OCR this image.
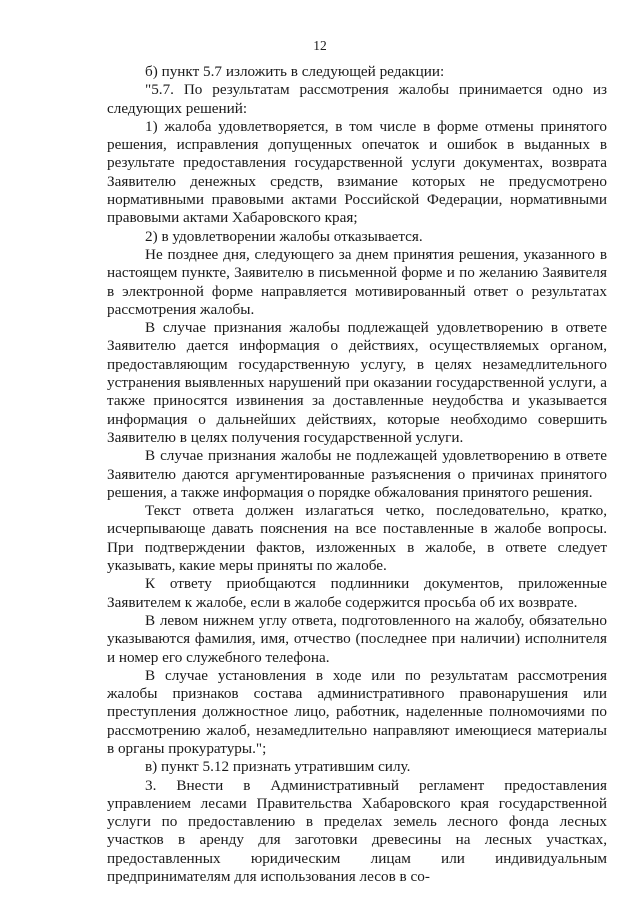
12

б) пункт 5.7 изложить в следующей редакции:

"5.7. По результатам рассмотрения жалобы принимается одно из следующих решений:

1) жалоба удовлетворяется, в том числе в форме отмены принятого решения, исправления допущенных опечаток и ошибок в выданных в результате предоставления государственной услуги документах, возврата Заявителю денежных средств, взимание которых не предусмотрено нормативными правовыми актами Российской Федерации, нормативными правовыми актами Хабаровского края;

2) в удовлетворении жалобы отказывается.

Не позднее дня, следующего за днем принятия решения, указанного в настоящем пункте, Заявителю в письменной форме и по желанию Заявителя в электронной форме направляется мотивированный ответ о результатах рассмотрения жалобы.

В случае признания жалобы подлежащей удовлетворению в ответе Заявителю дается информация о действиях, осуществляемых органом, предоставляющим государственную услугу, в целях незамедлительного устранения выявленных нарушений при оказании государственной услуги, а также приносятся извинения за доставленные неудобства и указывается информация о дальнейших действиях, которые необходимо совершить Заявителю в целях получения государственной услуги.

В случае признания жалобы не подлежащей удовлетворению в ответе Заявителю даются аргументированные разъяснения о причинах принятого решения, а также информация о порядке обжалования принятого решения.

Текст ответа должен излагаться четко, последовательно, кратко, исчерпывающе давать пояснения на все поставленные в жалобе вопросы. При подтверждении фактов, изложенных в жалобе, в ответе следует указывать, какие меры приняты по жалобе.

К ответу приобщаются подлинники документов, приложенные Заявителем к жалобе, если в жалобе содержится просьба об их возврате.

В левом нижнем углу ответа, подготовленного на жалобу, обязательно указываются фамилия, имя, отчество (последнее при наличии) исполнителя и номер его служебного телефона.

В случае установления в ходе или по результатам рассмотрения жалобы признаков состава административного правонарушения или преступления должностное лицо, работник, наделенные полномочиями по рассмотрению жалоб, незамедлительно направляют имеющиеся материалы в органы прокуратуры.";

в) пункт 5.12 признать утратившим силу.

3. Внести в Административный регламент предоставления управлением лесами Правительства Хабаровского края государственной услуги по предоставлению в пределах земель лесного фонда лесных участков в аренду для заготовки древесины на лесных участках, предоставленных юридическим лицам или индивидуальным предпринимателям для использования лесов в со-
